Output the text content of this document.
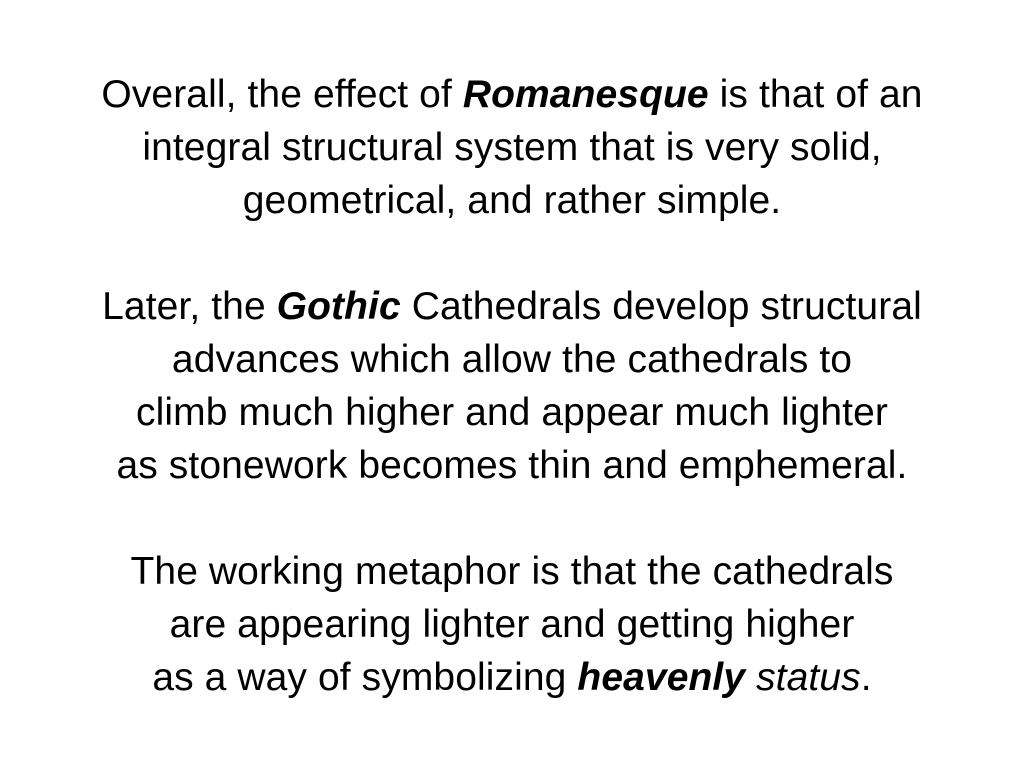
Overall, the effect of Romanesque is that of an
integral structural system that is very solid,
geometrical, and rather simple.

Later, the Gothic Cathedrals develop structural
advances which allow the cathedrals to
climb much higher and appear much lighter
as stonework becomes thin and emphemeral.

The working metaphor is that the cathedrals
are appearing lighter and getting higher
as a way of symbolizing heavenly status.
